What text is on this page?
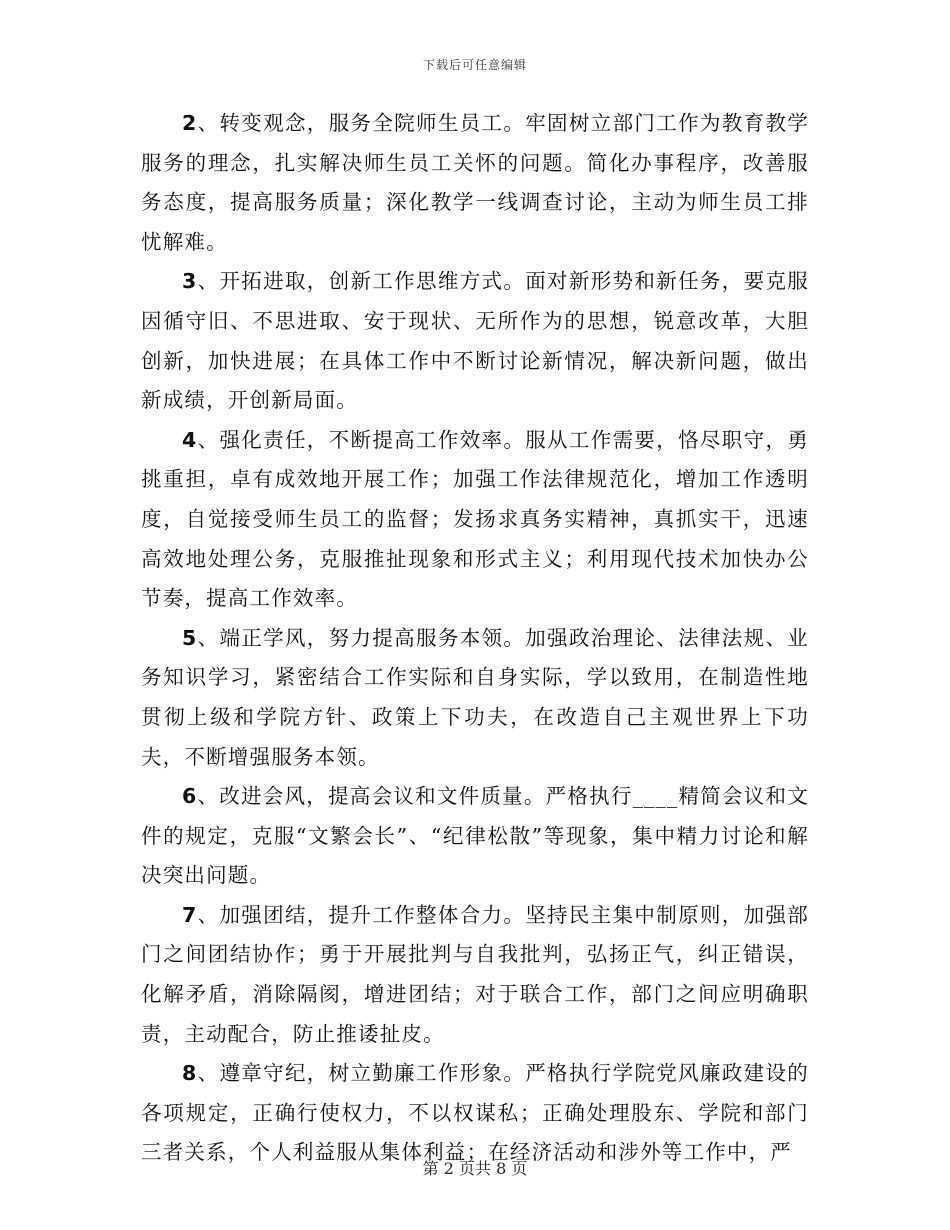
下载后可任意编辑

2、转变观念，服务全院师生员工。牢固树立部门工作为教育教学服务的理念，扎实解决师生员工关怀的问题。简化办事程序，改善服务态度，提高服务质量；深化教学一线调查讨论，主动为师生员工排忧解难。

3、开拓进取，创新工作思维方式。面对新形势和新任务，要克服因循守旧、不思进取、安于现状、无所作为的思想，锐意改革，大胆创新，加快进展；在具体工作中不断讨论新情况，解决新问题，做出新成绩，开创新局面。

4、强化责任，不断提高工作效率。服从工作需要，恪尽职守，勇挑重担，卓有成效地开展工作；加强工作法律规范化，增加工作透明度，自觉接受师生员工的监督；发扬求真务实精神，真抓实干，迅速高效地处理公务，克服推扯现象和形式主义；利用现代技术加快办公节奏，提高工作效率。

5、端正学风，努力提高服务本领。加强政治理论、法律法规、业务知识学习，紧密结合工作实际和自身实际，学以致用，在制造性地贯彻上级和学院方针、政策上下功夫，在改造自己主观世界上下功夫，不断增强服务本领。

6、改进会风，提高会议和文件质量。严格执行____精简会议和文件的规定，克服“文繁会长”、“纪律松散”等现象，集中精力讨论和解决突出问题。

7、加强团结，提升工作整体合力。坚持民主集中制原则，加强部门之间团结协作；勇于开展批判与自我批判，弘扬正气，纠正错误，化解矛盾，消除隔阂，增进团结；对于联合工作，部门之间应明确职责，主动配合，防止推诿扯皮。

8、遵章守纪，树立勤廉工作形象。严格执行学院党风廉政建设的各项规定，正确行使权力，不以权谋私；正确处理股东、学院和部门三者关系，个人利益服从集体利益；在经济活动和涉外等工作中，严

第 2 页共 8 页
